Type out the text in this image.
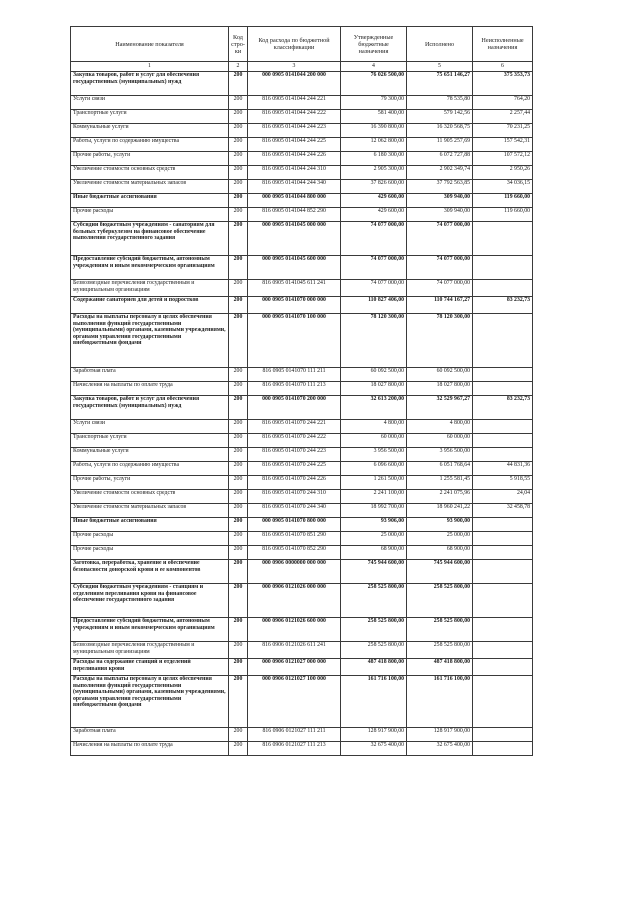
Наименование показателя	Код стро-ки	Код расхода по бюджетной классификации	Утвержденные бюджетные назначения	Исполнено	Неисполненные назначения
1	2	3	4	5	6
Закупка товаров, работ и услуг для обеспечения государственных (муниципальных) нужд	200	000 0905 0141044 200 000	76 026 500,00	75 651 146,27	375 353,73
Услуги связи	200	816 0905 0141044 244 221	79 300,00	78 535,80	764,20
Транспортные услуги	200	816 0905 0141044 244 222	581 400,00	579 142,56	2 257,44
Коммунальные услуги	200	816 0905 0141044 244 223	16 390 800,00	16 320 568,75	70 231,25
Работы, услуги по содержанию имущества	200	816 0905 0141044 244 225	12 062 800,00	11 905 257,69	157 542,31
Прочие работы, услуги	200	816 0905 0141044 244 226	6 180 300,00	6 072 727,88	107 572,12
Увеличение стоимости основных средств	200	816 0905 0141044 244 310	2 905 300,00	2 902 349,74	2 950,26
Увеличение стоимости материальных запасов	200	816 0905 0141044 244 340	37 826 600,00	37 792 563,85	34 036,15
Иные бюджетные ассигнования	200	000 0905 0141044 800 000	429 600,00	309 940,00	119 660,00
Прочие расходы	200	816 0905 0141044 852 290	429 600,00	309 940,00	119 660,00
Субсидии бюджетным учреждениям - санаториям для больных туберкулезом на финансовое обеспечение выполнения государственного задания	200	000 0905 0141045 000 000	74 077 000,00	74 077 000,00	
Предоставление субсидий бюджетным, автономным учреждениям и иным некоммерческим организациям	200	000 0905 0141045 600 000	74 077 000,00	74 077 000,00	
Безвозмездные перечисления государственным и муниципальным организациям	200	816 0905 0141045 611 241	74 077 000,00	74 077 000,00	
Содержание санаториев для детей и подростков	200	000 0905 0141070 000 000	110 827 406,00	110 744 167,27	83 232,73
Расходы на выплаты персоналу в целях обеспечения выполнения функций государственными (муниципальными) органами, казенными учреждениями, органами управления государственными внебюджетными фондами	200	000 0905 0141070 100 000	78 120 300,00	78 120 300,00	
Заработная плата	200	816 0905 0141070 111 211	60 092 500,00	60 092 500,00	
Начисления на выплаты по оплате труда	200	816 0905 0141070 111 213	18 027 800,00	18 027 800,00	
Закупка товаров, работ и услуг для обеспечения государственных (муниципальных) нужд	200	000 0905 0141070 200 000	32 613 200,00	32 529 967,27	83 232,73
Услуги связи	200	816 0905 0141070 244 221	4 800,00	4 800,00	
Транспортные услуги	200	816 0905 0141070 244 222	60 000,00	60 000,00	
Коммунальные услуги	200	816 0905 0141070 244 223	3 956 500,00	3 956 500,00	
Работы, услуги по содержанию имущества	200	816 0905 0141070 244 225	6 096 600,00	6 051 768,64	44 831,36
Прочие работы, услуги	200	816 0905 0141070 244 226	1 261 500,00	1 255 581,45	5 918,55
Увеличение стоимости основных средств	200	816 0905 0141070 244 310	2 241 100,00	2 241 075,96	24,04
Увеличение стоимости материальных запасов	200	816 0905 0141070 244 340	18 992 700,00	18 960 241,22	32 458,78
Иные бюджетные ассигнования	200	000 0905 0141070 800 000	93 906,00	93 900,00	
Прочие расходы	200	816 0905 0141070 851 290	25 000,00	25 000,00	
Прочие расходы	200	816 0905 0141070 852 290	68 900,00	68 900,00	
Заготовка, переработка, хранение и обеспечение безопасности донорской крови и ее компонентов	200	000 0906 0000000 000 000	745 944 600,00	745 944 600,00	
Субсидии бюджетным учреждениям - станциям и отделениям переливания крови на финансовое обеспечение государственного задания	200	000 0906 0121026 000 000	258 525 800,00	258 525 800,00	
Предоставление субсидий бюджетным, автономным учреждениям и иным некоммерческим организациям	200	000 0906 0121026 600 000	258 525 800,00	258 525 800,00	
Безвозмездные перечисления государственным и муниципальным организациям	200	816 0906 0121026 611 241	258 525 800,00	258 525 800,00	
Расходы на содержание станций и отделений переливания крови	200	000 0906 0121027 000 000	487 418 800,00	487 418 800,00	
Расходы на выплаты персоналу в целях обеспечения выполнения функций государственными (муниципальными) органами, казенными учреждениями, органами управления государственными внебюджетными фондами	200	000 0906 0121027 100 000	161 716 100,00	161 716 100,00	
Заработная плата	200	816 0906 0121027 111 211	128 917 900,00	128 917 900,00	
Начисления на выплаты по оплате труда	200	816 0906 0121027 111 213	32 675 400,00	32 675 400,00	
